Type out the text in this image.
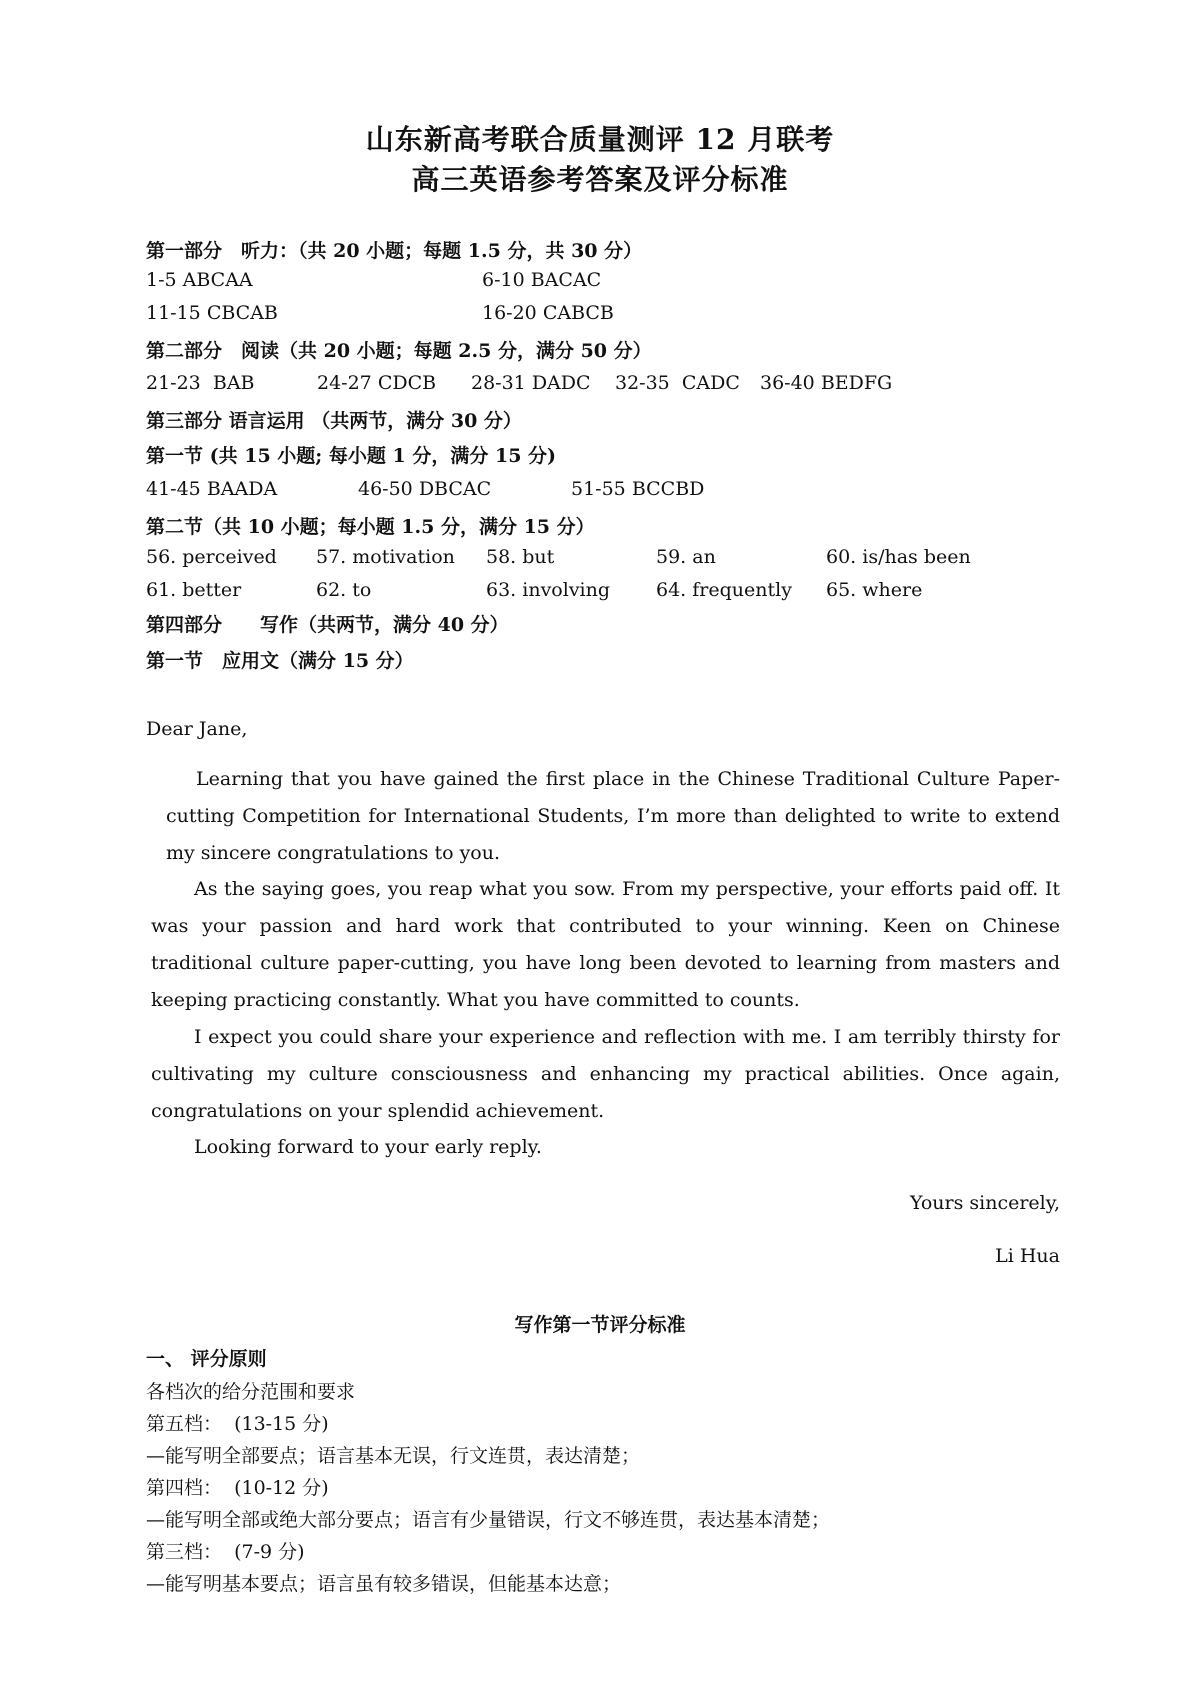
山东新高考联合质量测评 12 月联考
高三英语参考答案及评分标准
第一部分　听力：（共 20 小题；每题 1.5 分，共 30 分）
1-5 ABCAA	6-10 BACAC
11-15 CBCAB	16-20 CABCB
第二部分　阅读（共 20 小题；每题 2.5 分，满分 50 分）
21-23  BAB	24-27 CDCB 28-31 DADC 32-35  CADC 36-40 BEDFG
第三部分 语言运用 （共两节，满分 30 分）
第一节 (共 15 小题; 每小题 1 分，满分 15 分)
41-45 BAADA	46-50 DBCAC	51-55 BCCBD
第二节（共 10 小题；每小题 1.5 分，满分 15 分）
56. perceived 57. motivation 58. but	59. an	60. is/has been
61. better	62. to	63. involving 64. frequently 65. where
第四部分　　写作（共两节，满分 40 分）
第一节　应用文（满分 15 分）
Dear Jane,
Learning that you have gained the first place in the Chinese Traditional Culture Paper-cutting Competition for International Students, I’m more than delighted to write to extend my sincere congratulations to you.
As the saying goes, you reap what you sow. From my perspective, your efforts paid off. It was your passion and hard work that contributed to your winning. Keen on Chinese traditional culture paper-cutting, you have long been devoted to learning from masters and keeping practicing constantly. What you have committed to counts.
I expect you could share your experience and reflection with me. I am terribly thirsty for cultivating my culture consciousness and enhancing my practical abilities. Once again, congratulations on your splendid achievement.
Looking forward to your early reply.
Yours sincerely,
Li Hua
写作第一节评分标准
一、 评分原则
各档次的给分范围和要求
第五档：  (13-15 分)
—能写明全部要点；语言基本无误，行文连贯，表达清楚；
第四档：  (10-12 分)
—能写明全部或绝大部分要点；语言有少量错误，行文不够连贯，表达基本清楚；
第三档：  (7-9 分)
—能写明基本要点；语言虽有较多错误，但能基本达意；
